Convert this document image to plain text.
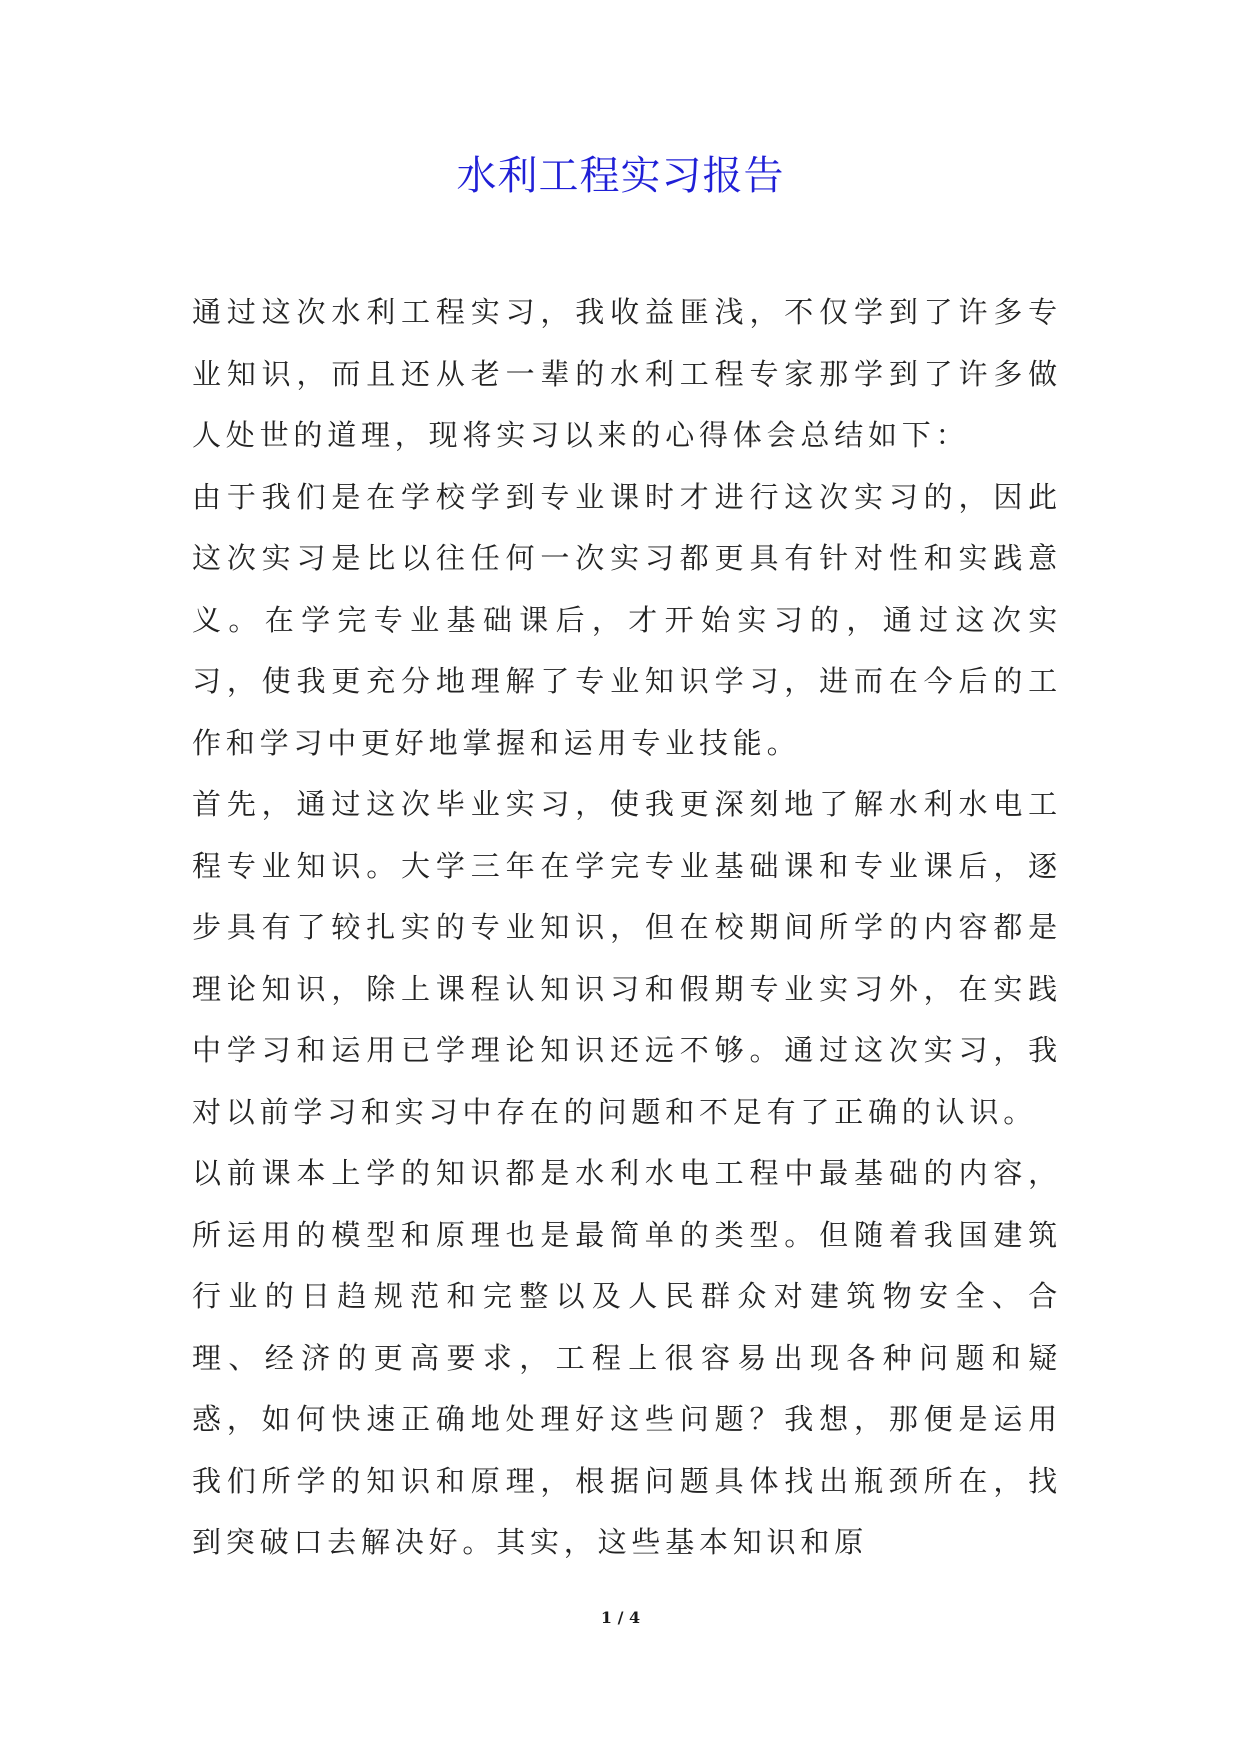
水利工程实习报告

通过这次水利工程实习，我收益匪浅，不仅学到了许多专业知识，而且还从老一辈的水利工程专家那学到了许多做人处世的道理，现将实习以来的心得体会总结如下：

由于我们是在学校学到专业课时才进行这次实习的，因此这次实习是比以往任何一次实习都更具有针对性和实践意义。在学完专业基础课后，才开始实习的，通过这次实习，使我更充分地理解了专业知识学习，进而在今后的工作和学习中更好地掌握和运用专业技能。

首先，通过这次毕业实习，使我更深刻地了解水利水电工程专业知识。大学三年在学完专业基础课和专业课后，逐步具有了较扎实的专业知识，但在校期间所学的内容都是理论知识，除上课程认知识习和假期专业实习外，在实践中学习和运用已学理论知识还远不够。通过这次实习，我对以前学习和实习中存在的问题和不足有了正确的认识。

以前课本上学的知识都是水利水电工程中最基础的内容，所运用的模型和原理也是最简单的类型。但随着我国建筑行业的日趋规范和完整以及人民群众对建筑物安全、合理、经济的更高要求，工程上很容易出现各种问题和疑惑，如何快速正确地处理好这些问题？我想，那便是运用我们所学的知识和原理，根据问题具体找出瓶颈所在，找到突破口去解决好。其实，这些基本知识和原

1 / 4
